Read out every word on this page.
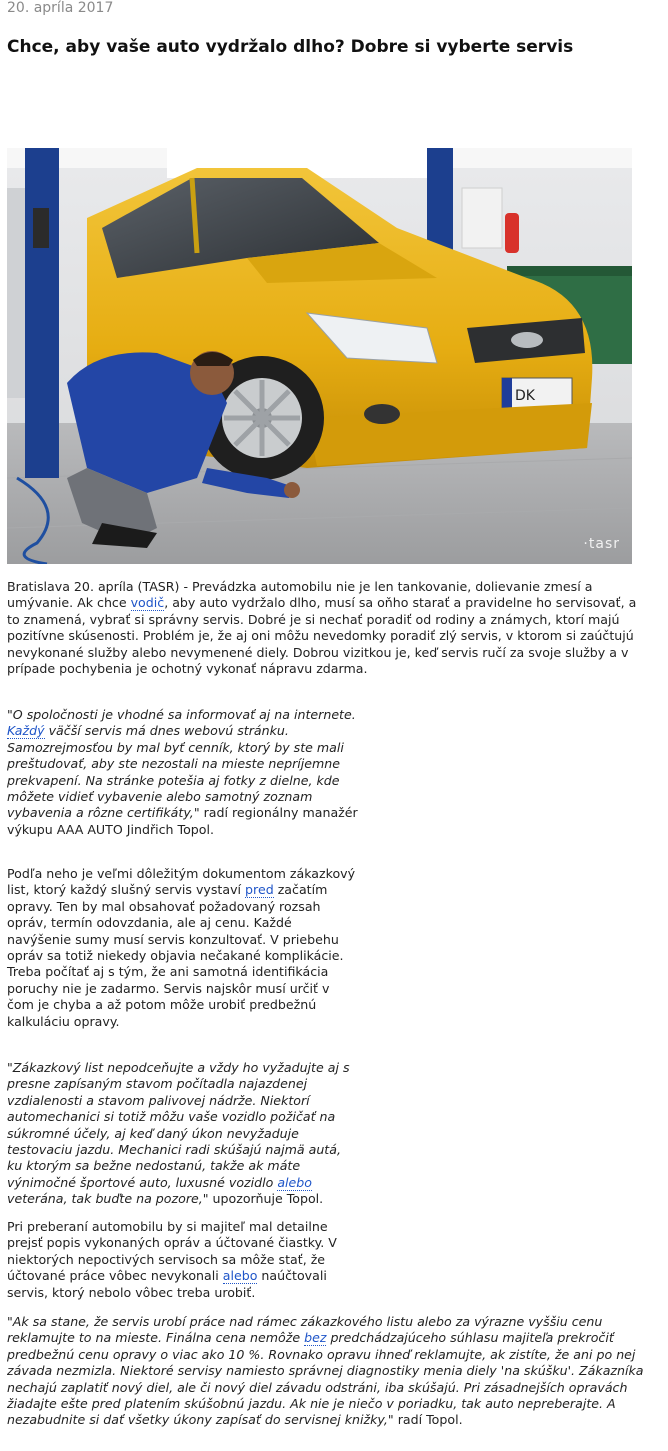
20. apríla 2017
Chce, aby vaše auto vydržalo dlho? Dobre si vyberte servis
DK
·tasr

Bratislava 20. apríla (TASR) - Prevádzka automobilu nie je len tankovanie, dolievanie zmesí a umývanie. Ak chce vodič, aby auto vydržalo dlho, musí sa oňho starať a pravidelne ho servisovať, a to znamená, vybrať si správny servis. Dobré je si nechať poradiť od rodiny a známych, ktorí majú pozitívne skúsenosti. Problém je, že aj oni môžu nevedomky poradiť zlý servis, v ktorom si zaúčtujú nevykonané služby alebo nevymenené diely. Dobrou vizitkou je, keď servis ručí za svoje služby a v prípade pochybenia je ochotný vykonať nápravu zdarma.

"O spoločnosti je vhodné sa informovať aj na internete. Každý väčší servis má dnes webovú stránku. Samozrejmosťou by mal byť cenník, ktorý by ste mali preštudovať, aby ste nezostali na mieste nepríjemne prekvapení. Na stránke potešia aj fotky z dielne, kde môžete vidieť vybavenie alebo samotný zoznam vybavenia a rôzne certifikáty," radí regionálny manažér výkupu AAA AUTO Jindřich Topol.

Podľa neho je veľmi dôležitým dokumentom zákazkový list, ktorý každý slušný servis vystaví pred začatím opravy. Ten by mal obsahovať požadovaný rozsah opráv, termín odovzdania, ale aj cenu. Každé navýšenie sumy musí servis konzultovať. V priebehu opráv sa totiž niekedy objavia nečakané komplikácie. Treba počítať aj s tým, že ani samotná identifikácia poruchy nie je zadarmo. Servis najskôr musí určiť v čom je chyba a až potom môže urobiť predbežnú kalkuláciu opravy.

"Zákazkový list nepodceňujte a vždy ho vyžadujte aj s presne zapísaným stavom počítadla najazdenej vzdialenosti a stavom palivovej nádrže. Niektorí automechanici si totiž môžu vaše vozidlo požičať na súkromné účely, aj keď daný úkon nevyžaduje testovaciu jazdu. Mechanici radi skúšajú najmä autá, ku ktorým sa bežne nedostanú, takže ak máte výnimočné športové auto, luxusné vozidlo alebo veterána, tak buďte na pozore," upozorňuje Topol.

Pri preberaní automobilu by si majiteľ mal detailne prejsť popis vykonaných opráv a účtované čiastky. V niektorých nepoctivých servisoch sa môže stať, že účtované práce vôbec nevykonali alebo naúčtovali servis, ktorý nebolo vôbec treba urobiť.

"Ak sa stane, že servis urobí práce nad rámec zákazkového listu alebo za výrazne vyššiu cenu reklamujte to na mieste. Finálna cena nemôže bez predchádzajúceho súhlasu majiteľa prekročiť predbežnú cenu opravy o viac ako 10 %. Rovnako opravu ihneď reklamujte, ak zistíte, že ani po nej závada nezmizla. Niektoré servisy namiesto správnej diagnostiky menia diely 'na skúšku'. Zákazníka nechajú zaplatiť nový diel, ale či nový diel závadu odstráni, iba skúšajú. Pri zásadnejších opravách žiadajte ešte pred platením skúšobnú jazdu. Ak nie je niečo v poriadku, tak auto nepreberajte. A nezabudnite si dať všetky úkony zapísať do servisnej knižky," radí Topol.
